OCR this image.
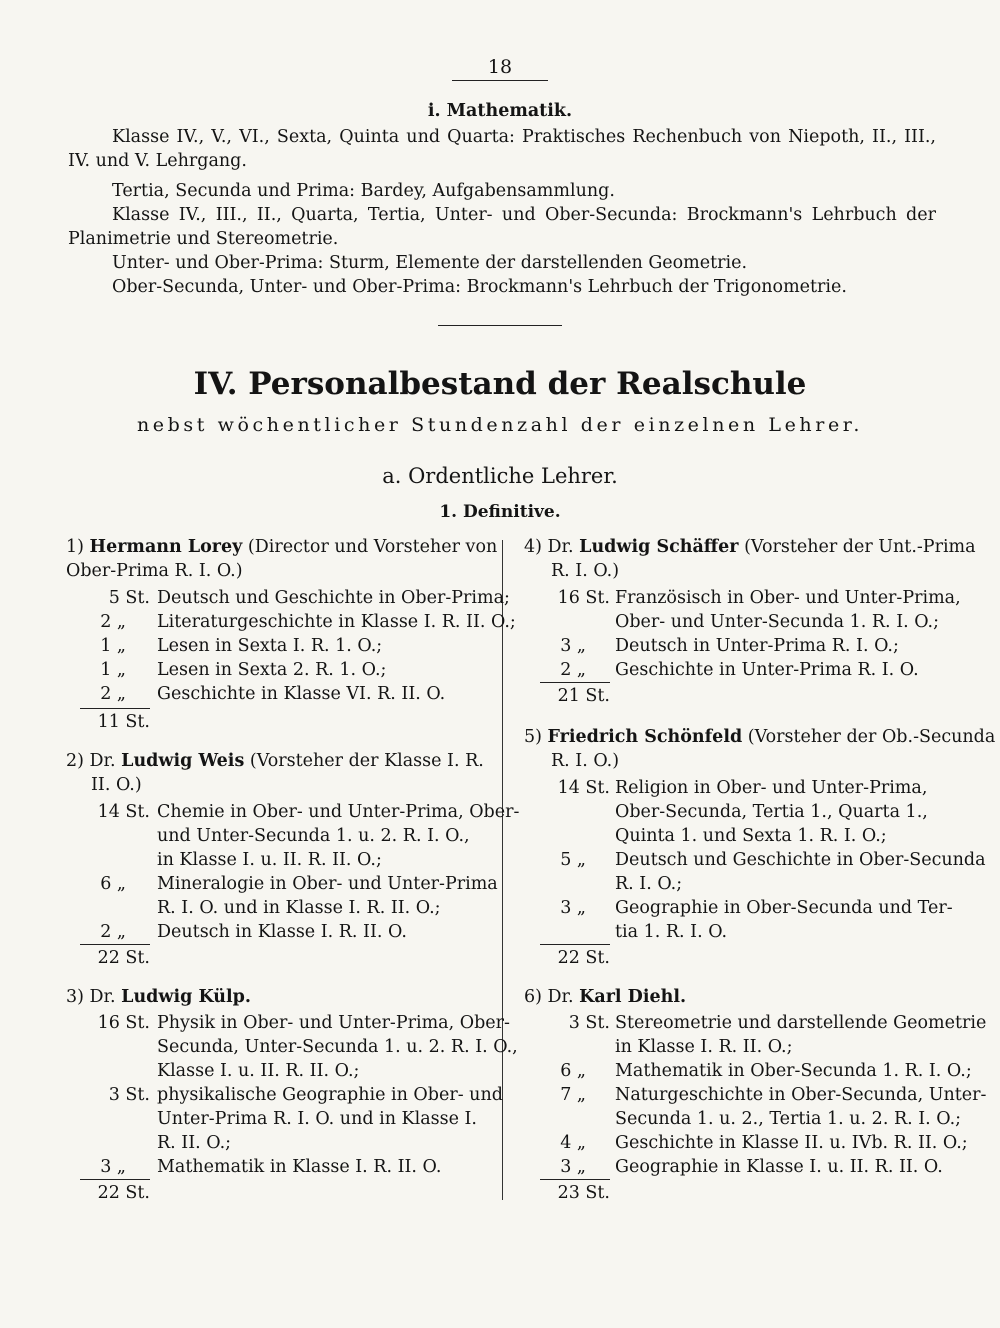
18
i. Mathematik.
Klasse IV., V., VI., Sexta, Quinta und Quarta: Praktisches Rechenbuch von Niepoth, II., III.,
IV. und V. Lehrgang.
Tertia, Secunda und Prima: Bardey, Aufgabensammlung.
Klasse IV., III., II., Quarta, Tertia, Unter- und Ober-Secunda: Brockmann's Lehrbuch der
Planimetrie und Stereometrie.
Unter- und Ober-Prima: Sturm, Elemente der darstellenden Geometrie.
Ober-Secunda, Unter- und Ober-Prima: Brockmann's Lehrbuch der Trigonometrie.
IV. Personalbestand der Realschule
nebst wöchentlicher Stundenzahl der einzelnen Lehrer.
a. Ordentliche Lehrer.
1. Definitive.
1) Hermann Lorey (Director und Vorsteher von
Ober-Prima R. I. O.)
5 St. Deutsch und Geschichte in Ober-Prima;
2 „ Literaturgeschichte in Klasse I. R. II. O.;
1 „ Lesen in Sexta I. R. 1. O.;
1 „ Lesen in Sexta 2. R. 1. O.;
2 „ Geschichte in Klasse VI. R. II. O.
11 St.
2) Dr. Ludwig Weis (Vorsteher der Klasse I. R.
II. O.)
14 St. Chemie in Ober- und Unter-Prima, Ober-
und Unter-Secunda 1. u. 2. R. I. O.,
in Klasse I. u. II. R. II. O.;
6 „ Mineralogie in Ober- und Unter-Prima
R. I. O. und in Klasse I. R. II. O.;
2 „ Deutsch in Klasse I. R. II. O.
22 St.
3) Dr. Ludwig Külp.
16 St. Physik in Ober- und Unter-Prima, Ober-
Secunda, Unter-Secunda 1. u. 2. R. I. O.,
Klasse I. u. II. R. II. O.;
3 St. physikalische Geographie in Ober- und
Unter-Prima R. I. O. und in Klasse I.
R. II. O.;
3 „ Mathematik in Klasse I. R. II. O.
22 St.
4) Dr. Ludwig Schäffer (Vorsteher der Unt.-Prima
R. I. O.)
16 St. Französisch in Ober- und Unter-Prima,
Ober- und Unter-Secunda 1. R. I. O.;
3 „ Deutsch in Unter-Prima R. I. O.;
2 „ Geschichte in Unter-Prima R. I. O.
21 St.
5) Friedrich Schönfeld (Vorsteher der Ob.-Secunda
R. I. O.)
14 St. Religion in Ober- und Unter-Prima,
Ober-Secunda, Tertia 1., Quarta 1.,
Quinta 1. und Sexta 1. R. I. O.;
5 „ Deutsch und Geschichte in Ober-Secunda
R. I. O.;
3 „ Geographie in Ober-Secunda und Ter-
tia 1. R. I. O.
22 St.
6) Dr. Karl Diehl.
3 St. Stereometrie und darstellende Geometrie
in Klasse I. R. II. O.;
6 „ Mathematik in Ober-Secunda 1. R. I. O.;
7 „ Naturgeschichte in Ober-Secunda, Unter-
Secunda 1. u. 2., Tertia 1. u. 2. R. I. O.;
4 „ Geschichte in Klasse II. u. IVb. R. II. O.;
3 „ Geographie in Klasse I. u. II. R. II. O.
23 St.
